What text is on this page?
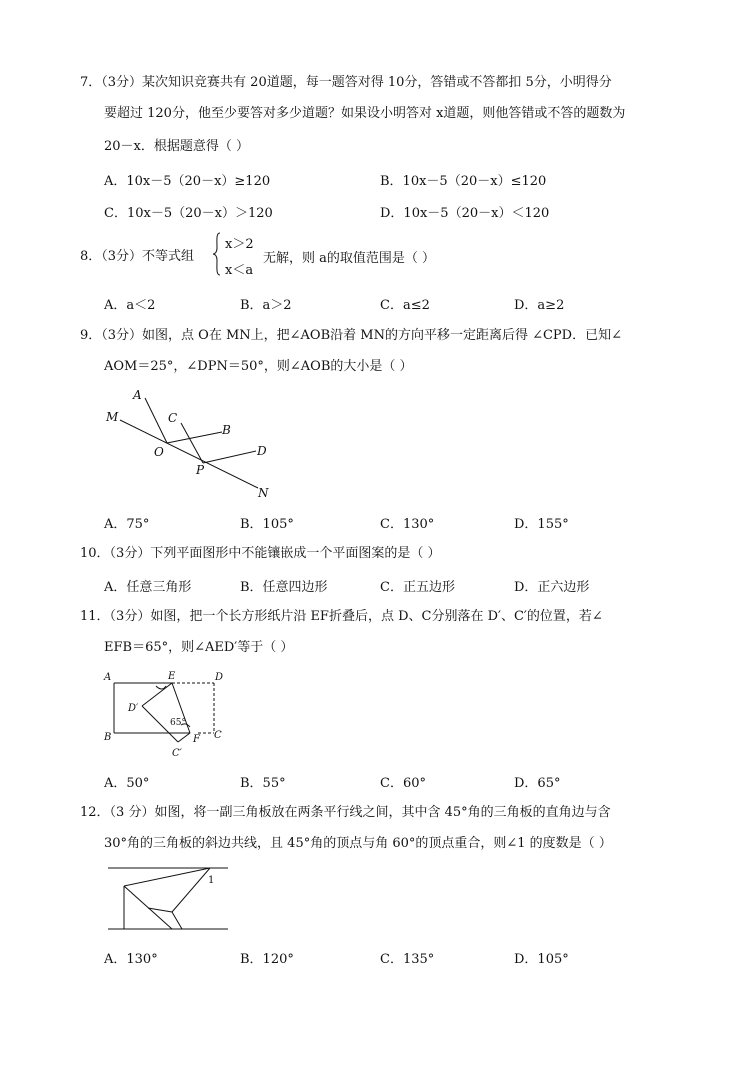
7．（3分）某次知识竞赛共有 20道题，每一题答对得 10分，答错或不答都扣 5分，小明得分
要超过 120分，他至少要答对多少道题？如果设小明答对 x道题，则他答错或不答的题数为
20－x．根据题意得（ ）
A．10x－5（20－x）≥120	B．10x－5（20－x）≤120
C．10x－5（20－x）＞120	D．10x－5（20－x）＜120
8．（3分）不等式组
x＞2
x＜a
无解，则 a的取值范围是（ ）
A．a＜2	B．a＞2	C．a≤2	D．a≥2
9．（3分）如图，点 O在 MN上，把∠AOB沿着 MN的方向平移一定距离后得 ∠CPD．已知∠
AOM＝25°，∠DPN＝50°，则∠AOB的大小是（ ）
A
M	C
B
O	D
P
N
A．75°	B．105°	C．130°	D．155°
10．（3分）下列平面图形中不能镶嵌成一个平面图案的是（ ）
A．任意三角形	B．任意四边形	C．正五边形	D．正六边形
11．（3分）如图，把一个长方形纸片沿 EF折叠后，点 D、C分别落在 D′、C′的位置，若∠
EFB＝65°，则∠AED′等于（ ）
A	E	D
D′
B	F C
C′
65°
A．50°	B．55°	C．60°	D．65°
12．（3 分）如图，将一副三角板放在两条平行线之间，其中含 45°角的三角板的直角边与含
30°角的三角板的斜边共线，且 45°角的顶点与角 60°的顶点重合，则∠1 的度数是（ ）
1
A．130°	B．120°	C．135°	D．105°
